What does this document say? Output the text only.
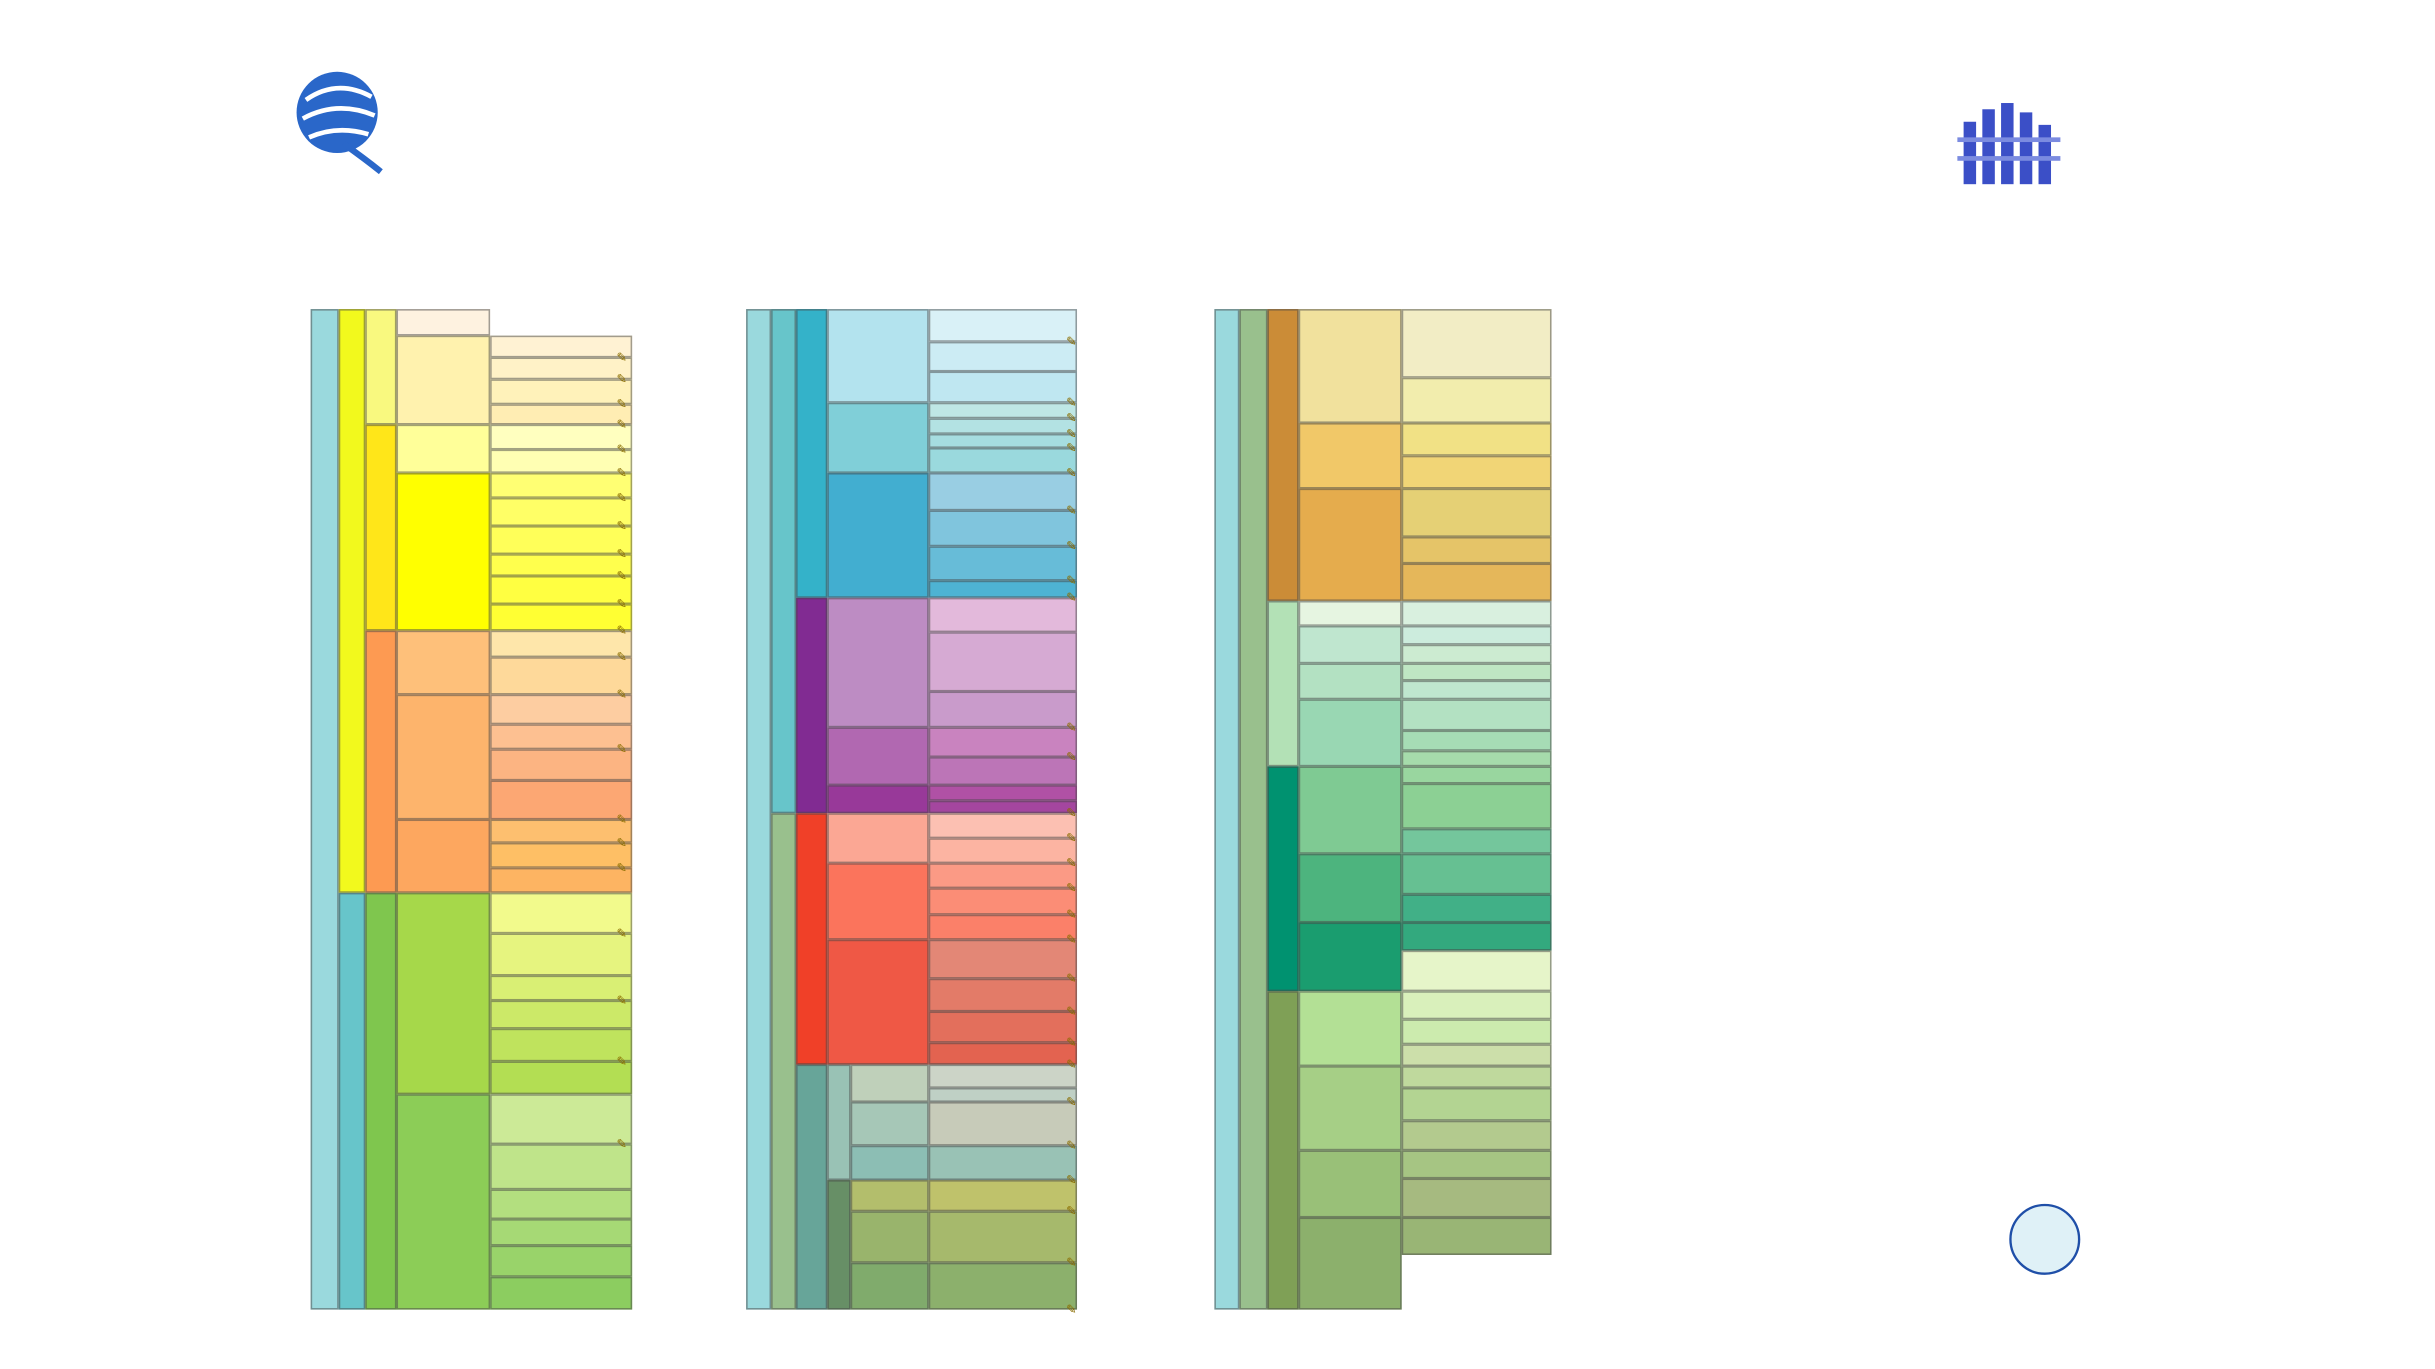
✎
✎
✎
✎
✎
✎
✎
✎
✎
✎
✎
✎
✎
✎
✎
✎
✎
✎
✎
✎
✎
✎
✎
✎
✎
✎
✎
✎
✎
✎
✎
✎
✎
✎
✎
✎
✎
✎
✎
✎
✎
✎
✎
✎
✎
✎
✎
✎
✎
✎
